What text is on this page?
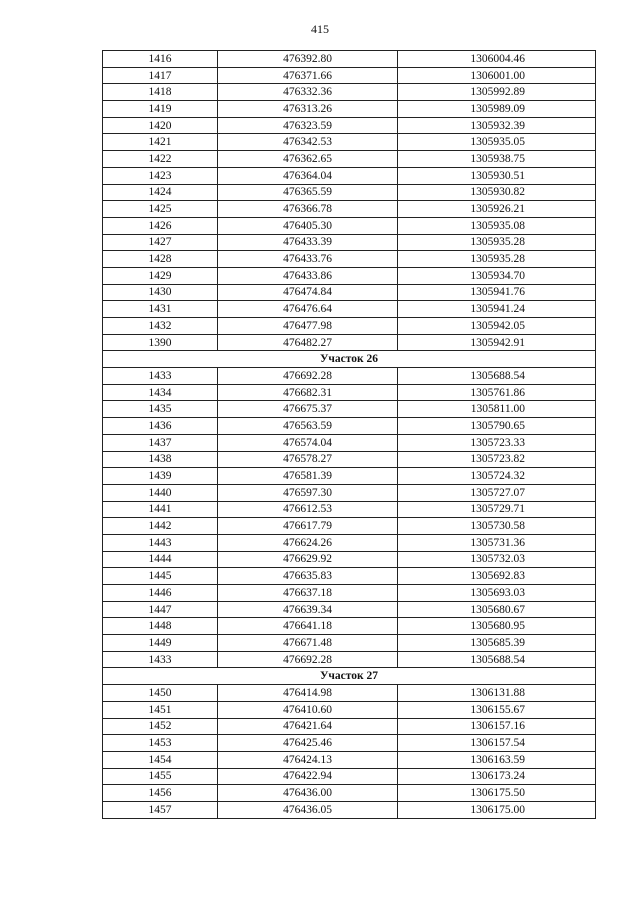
415
1416	476392.80	1306004.46
1417	476371.66	1306001.00
1418	476332.36	1305992.89
1419	476313.26	1305989.09
1420	476323.59	1305932.39
1421	476342.53	1305935.05
1422	476362.65	1305938.75
1423	476364.04	1305930.51
1424	476365.59	1305930.82
1425	476366.78	1305926.21
1426	476405.30	1305935.08
1427	476433.39	1305935.28
1428	476433.76	1305935.28
1429	476433.86	1305934.70
1430	476474.84	1305941.76
1431	476476.64	1305941.24
1432	476477.98	1305942.05
1390	476482.27	1305942.91
Участок 26		
1433	476692.28	1305688.54
1434	476682.31	1305761.86
1435	476675.37	1305811.00
1436	476563.59	1305790.65
1437	476574.04	1305723.33
1438	476578.27	1305723.82
1439	476581.39	1305724.32
1440	476597.30	1305727.07
1441	476612.53	1305729.71
1442	476617.79	1305730.58
1443	476624.26	1305731.36
1444	476629.92	1305732.03
1445	476635.83	1305692.83
1446	476637.18	1305693.03
1447	476639.34	1305680.67
1448	476641.18	1305680.95
1449	476671.48	1305685.39
1433	476692.28	1305688.54
Участок 27		
1450	476414.98	1306131.88
1451	476410.60	1306155.67
1452	476421.64	1306157.16
1453	476425.46	1306157.54
1454	476424.13	1306163.59
1455	476422.94	1306173.24
1456	476436.00	1306175.50
1457	476436.05	1306175.00
